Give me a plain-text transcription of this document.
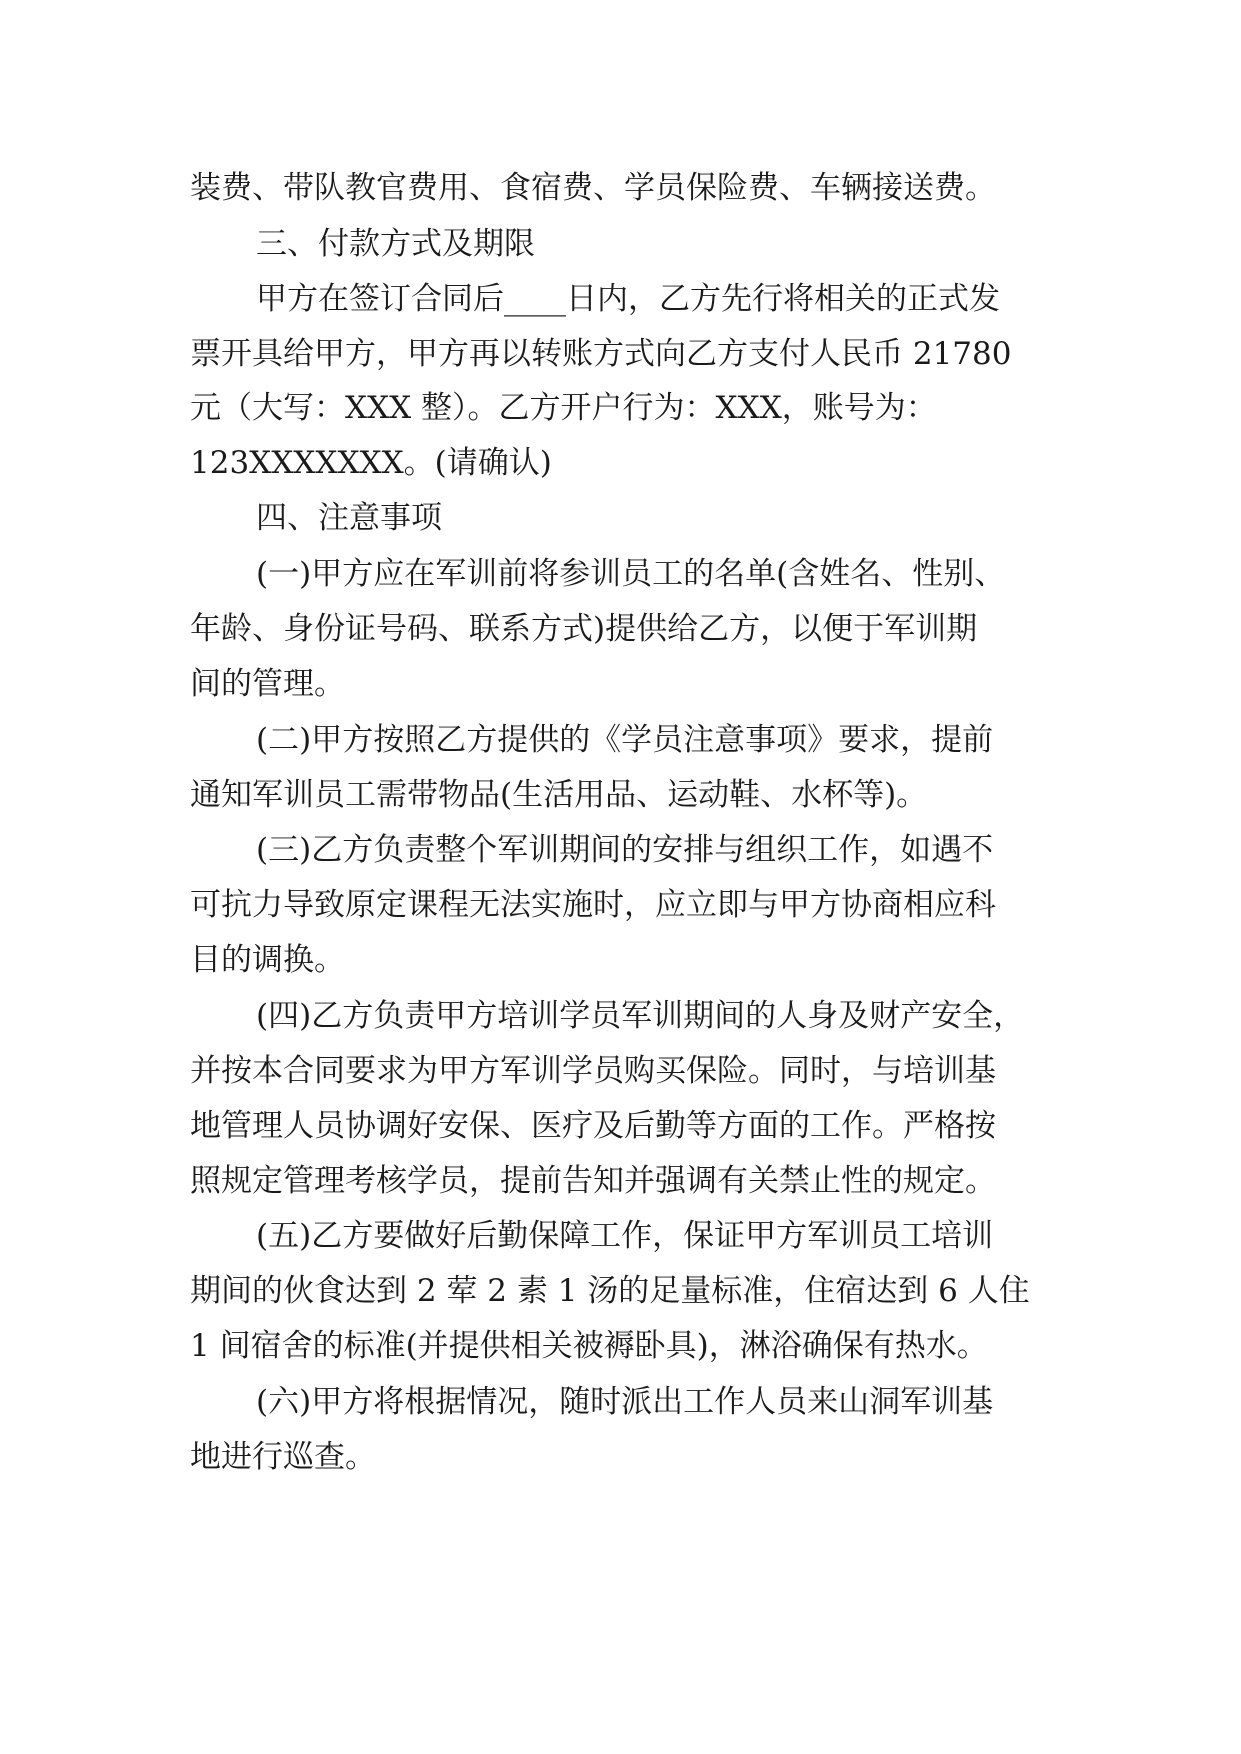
装费、带队教官费用、食宿费、学员保险费、车辆接送费。
三、付款方式及期限
甲方在签订合同后____日内，乙方先行将相关的正式发
票开具给甲方，甲方再以转账方式向乙方支付人民币 21780
元（大写：XXX 整）。乙方开户行为：XXX，账号为：
123XXXXXXX。(请确认)
四、注意事项
(一)甲方应在军训前将参训员工的名单(含姓名、性别、
年龄、身份证号码、联系方式)提供给乙方，以便于军训期
间的管理。
(二)甲方按照乙方提供的《学员注意事项》要求，提前
通知军训员工需带物品(生活用品、运动鞋、水杯等)。
(三)乙方负责整个军训期间的安排与组织工作，如遇不
可抗力导致原定课程无法实施时，应立即与甲方协商相应科
目的调换。
(四)乙方负责甲方培训学员军训期间的人身及财产安全，
并按本合同要求为甲方军训学员购买保险。同时，与培训基
地管理人员协调好安保、医疗及后勤等方面的工作。严格按
照规定管理考核学员，提前告知并强调有关禁止性的规定。
(五)乙方要做好后勤保障工作，保证甲方军训员工培训
期间的伙食达到 2 荤 2 素 1 汤的足量标准，住宿达到 6 人住
1 间宿舍的标准(并提供相关被褥卧具)，淋浴确保有热水。
(六)甲方将根据情况，随时派出工作人员来山洞军训基
地进行巡查。
